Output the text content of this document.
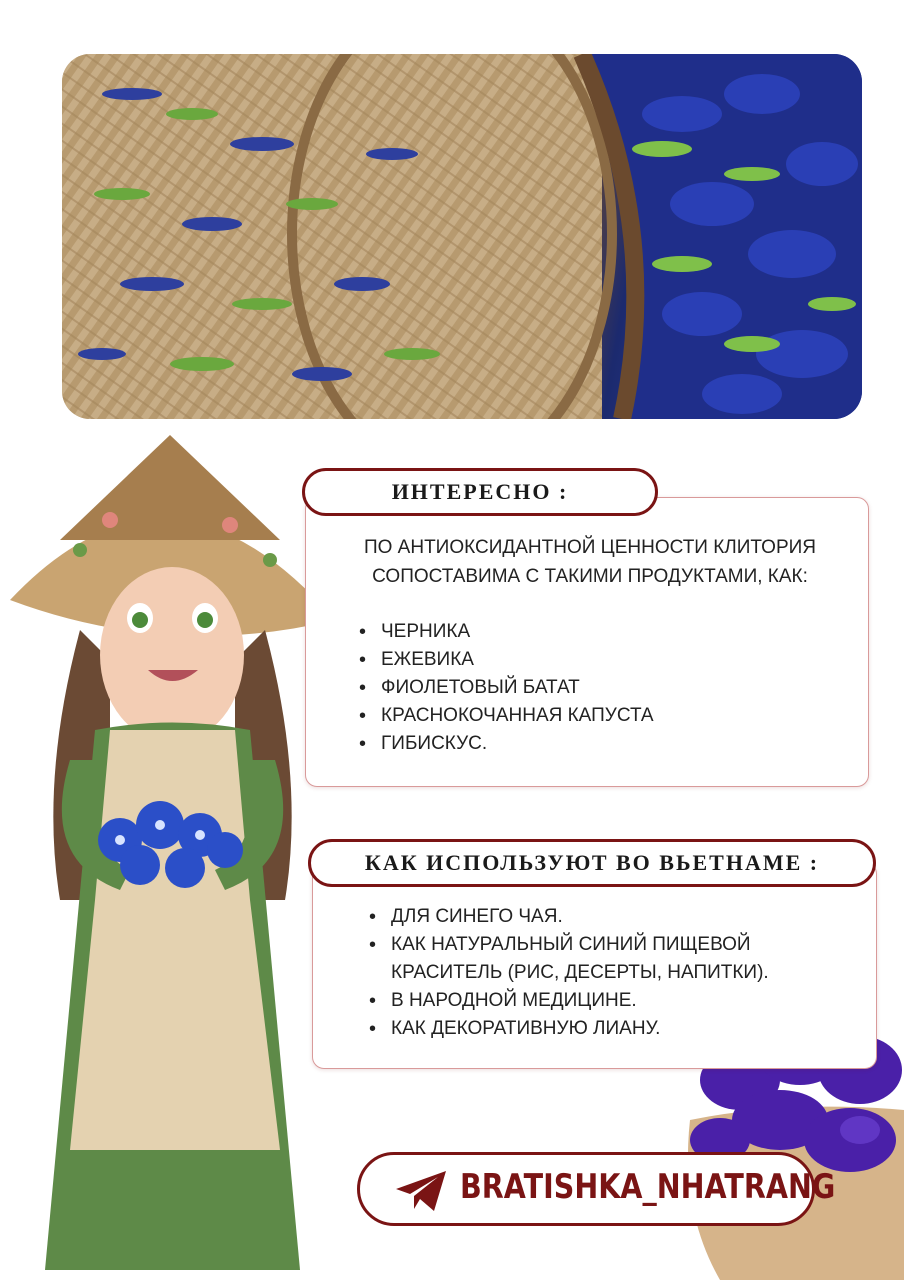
ИНТЕРЕСНО :
ПО АНТИОКСИДАНТНОЙ ЦЕННОСТИ КЛИТОРИЯ СОПОСТАВИМА С ТАКИМИ ПРОДУКТАМИ, КАК:
• ЧЕРНИКА
• ЕЖЕВИКА
• ФИОЛЕТОВЫЙ БАТАТ
• КРАСНОКОЧАННАЯ КАПУСТА
• ГИБИСКУС.
КАК ИСПОЛЬЗУЮТ ВО ВЬЕТНАМЕ :
• ДЛЯ СИНЕГО ЧАЯ.
• КАК НАТУРАЛЬНЫЙ СИНИЙ ПИЩЕВОЙ КРАСИТЕЛЬ (РИС, ДЕСЕРТЫ, НАПИТКИ).
• В НАРОДНОЙ МЕДИЦИНЕ.
• КАК ДЕКОРАТИВНУЮ ЛИАНУ.
BRATISHKA_NHATRANG
